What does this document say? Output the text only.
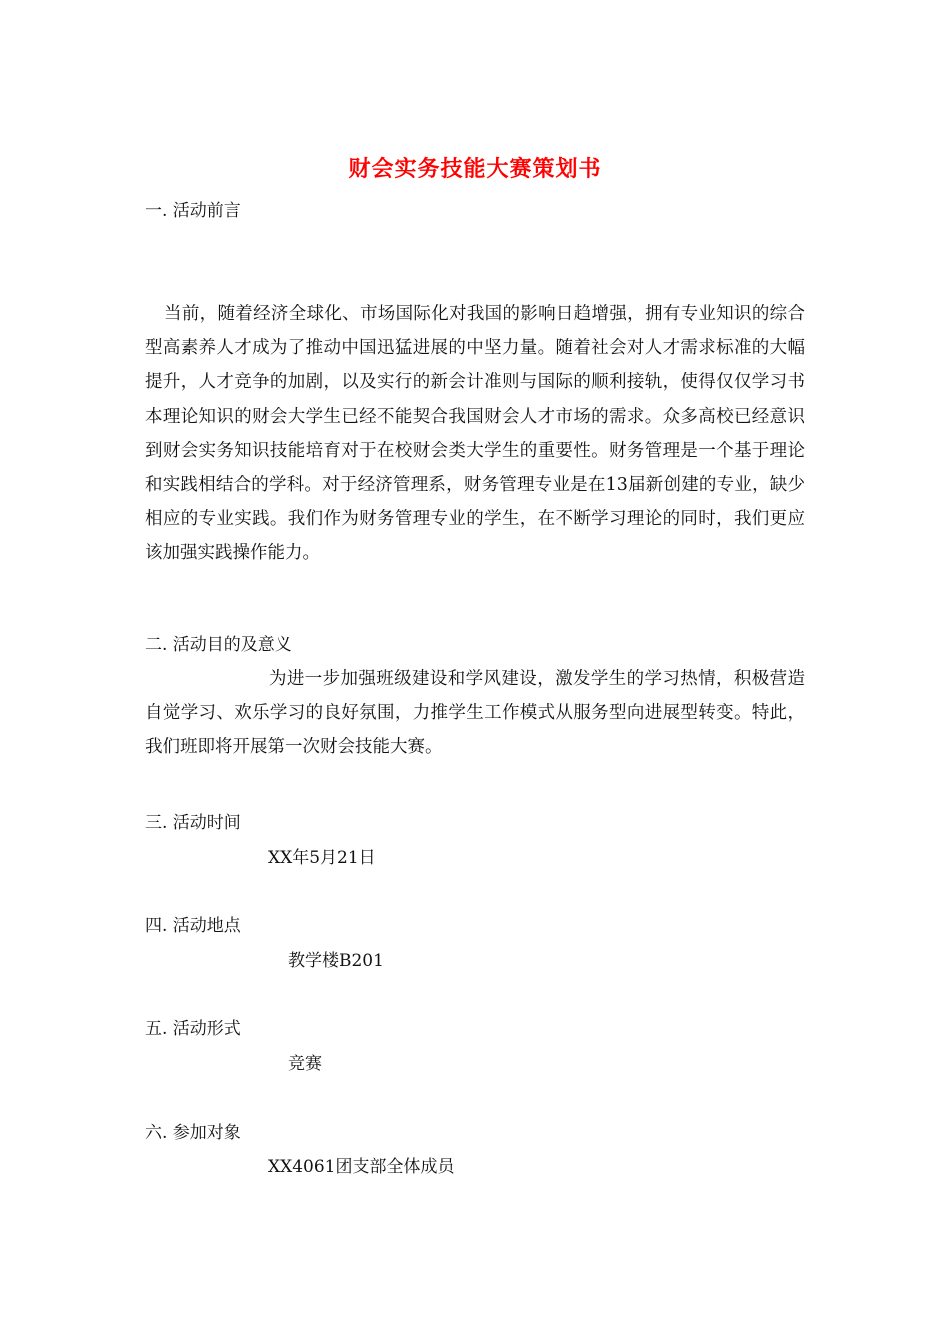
财会实务技能大赛策划书
一. 活动前言

当前，随着经济全球化、市场国际化对我国的影响日趋增强，拥有专业知识的综合型高素养人才成为了推动中国迅猛进展的中坚力量。随着社会对人才需求标准的大幅提升，人才竞争的加剧，以及实行的新会计准则与国际的顺利接轨，使得仅仅学习书本理论知识的财会大学生已经不能契合我国财会人才市场的需求。众多高校已经意识到财会实务知识技能培育对于在校财会类大学生的重要性。财务管理是一个基于理论和实践相结合的学科。对于经济管理系，财务管理专业是在13届新创建的专业，缺少相应的专业实践。我们作为财务管理专业的学生，在不断学习理论的同时，我们更应该加强实践操作能力。

二. 活动目的及意义

为进一步加强班级建设和学风建设，激发学生的学习热情，积极营造自觉学习、欢乐学习的良好氛围，力推学生工作模式从服务型向进展型转变。特此，我们班即将开展第一次财会技能大赛。

三. 活动时间
XX年5月21日
四. 活动地点
教学楼B201
五. 活动形式
竞赛
六. 参加对象
XX4061团支部全体成员
